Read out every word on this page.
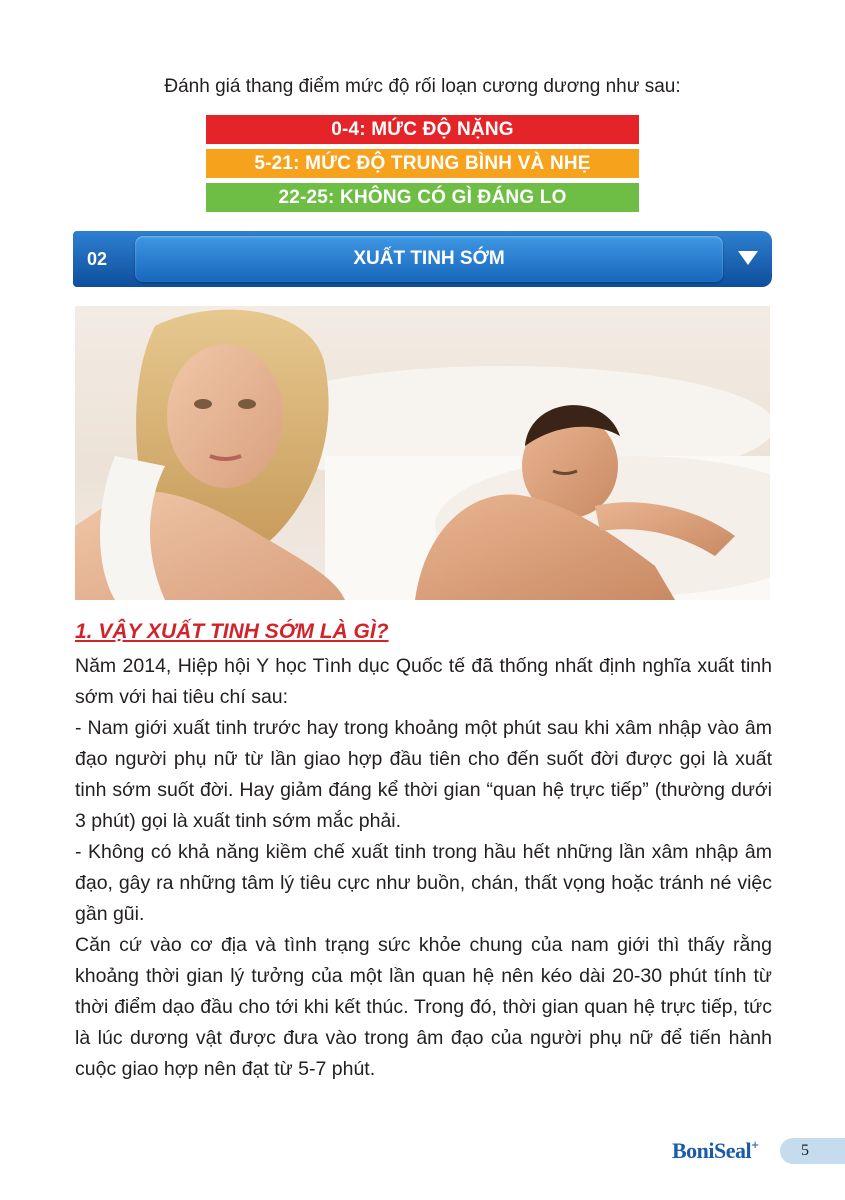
Đánh giá thang điểm mức độ rối loạn cương dương như sau:
0-4: MỨC ĐỘ NẶNG
5-21: MỨC ĐỘ TRUNG BÌNH VÀ NHẸ
22-25: KHÔNG CÓ GÌ ĐÁNG LO
02	XUẤT TINH SỚM
1. VẬY XUẤT TINH SỚM LÀ GÌ?

Năm 2014, Hiệp hội Y học Tình dục Quốc tế đã thống nhất định nghĩa xuất tinh sớm với hai tiêu chí sau:

- Nam giới xuất tinh trước hay trong khoảng một phút sau khi xâm nhập vào âm đạo người phụ nữ từ lần giao hợp đầu tiên cho đến suốt đời được gọi là xuất tinh sớm suốt đời. Hay giảm đáng kể thời gian “quan hệ trực tiếp” (thường dưới 3 phút) gọi là xuất tinh sớm mắc phải.

- Không có khả năng kiềm chế xuất tinh trong hầu hết những lần xâm nhập âm đạo, gây ra những tâm lý tiêu cực như buồn, chán, thất vọng hoặc tránh né việc gần gũi.

Căn cứ vào cơ địa và tình trạng sức khỏe chung của nam giới thì thấy rằng khoảng thời gian lý tưởng của một lần quan hệ nên kéo dài 20-30 phút tính từ thời điểm dạo đầu cho tới khi kết thúc. Trong đó, thời gian quan hệ trực tiếp, tức là lúc dương vật được đưa vào trong âm đạo của người phụ nữ để tiến hành cuộc giao hợp nên đạt từ 5-7 phút.

BoniSeal+	5
